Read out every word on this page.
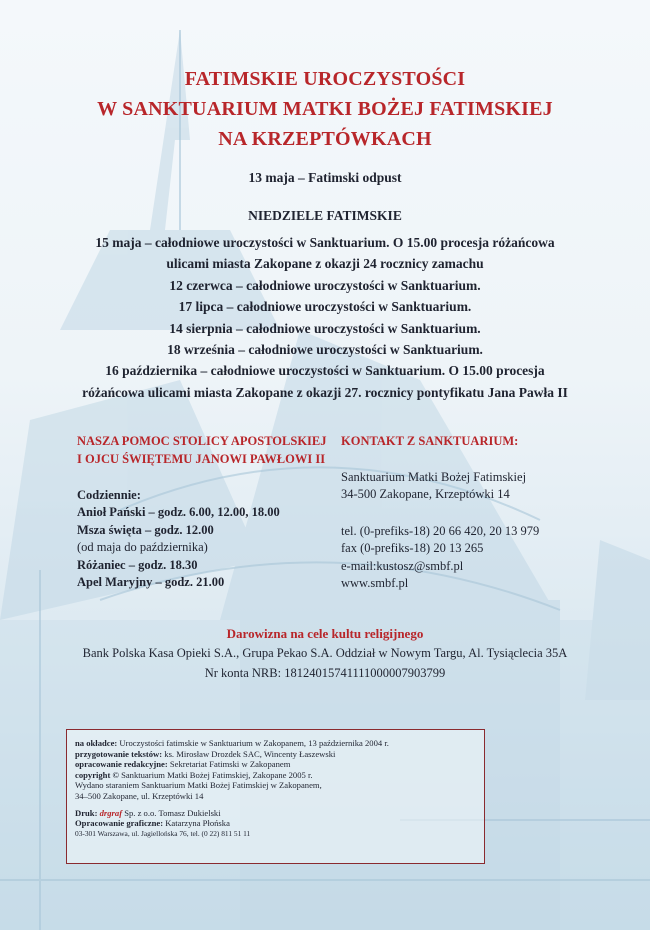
FATIMSKIE UROCZYSTOŚCI
W SANKTUARIUM MATKI BOŻEJ FATIMSKIEJ
NA KRZEPTÓWKACH
13 maja – Fatimski odpust
NIEDZIELE FATIMSKIE
15 maja – całodniowe uroczystości w Sanktuarium. O 15.00 procesja różańcowa
ulicami miasta Zakopane z okazji 24 rocznicy zamachu
12 czerwca – całodniowe uroczystości w Sanktuarium.
17 lipca – całodniowe uroczystości w Sanktuarium.
14 sierpnia – całodniowe uroczystości w Sanktuarium.
18 września – całodniowe uroczystości w Sanktuarium.
16 października – całodniowe uroczystości w Sanktuarium. O 15.00 procesja
różańcowa ulicami miasta Zakopane z okazji 27. rocznicy pontyfikatu Jana Pawła II
NASZA POMOC STOLICY APOSTOLSKIEJ
I OJCU ŚWIĘTEMU JANOWI PAWŁOWI II
Codziennie:
Anioł Pański – godz. 6.00, 12.00, 18.00
Msza święta – godz. 12.00
(od maja do października)
Różaniec – godz. 18.30
Apel Maryjny – godz. 21.00
KONTAKT Z SANKTUARIUM:
Sanktuarium Matki Bożej Fatimskiej
34-500 Zakopane, Krzeptówki 14
tel. (0-prefiks-18) 20 66 420, 20 13 979
fax (0-prefiks-18) 20 13 265
e-mail:kustosz@smbf.pl
www.smbf.pl
Darowizna na cele kultu religijnego
Bank Polska Kasa Opieki S.A., Grupa Pekao S.A. Oddział w Nowym Targu, Al. Tysiąclecia 35A
Nr konta NRB: 18124015741111000007903799
na okładce: Uroczystości fatimskie w Sanktuarium w Zakopanem, 13 października 2004 r.
przygotowanie tekstów: ks. Mirosław Drozdek SAC, Wincenty Łaszewski
opracowanie redakcyjne: Sekretariat Fatimski w Zakopanem
copyright © Sanktuarium Matki Bożej Fatimskiej, Zakopane 2005 r.
Wydano staraniem Sanktuarium Matki Bożej Fatimskiej w Zakopanem,
34–500 Zakopane, ul. Krzeptówki 14
Druk: drgraf Sp. z o.o. Tomasz Dukielski
Opracowanie graficzne: Katarzyna Płońska
03-301 Warszawa, ul. Jagiellońska 76, tel. (0 22) 811 51 11
